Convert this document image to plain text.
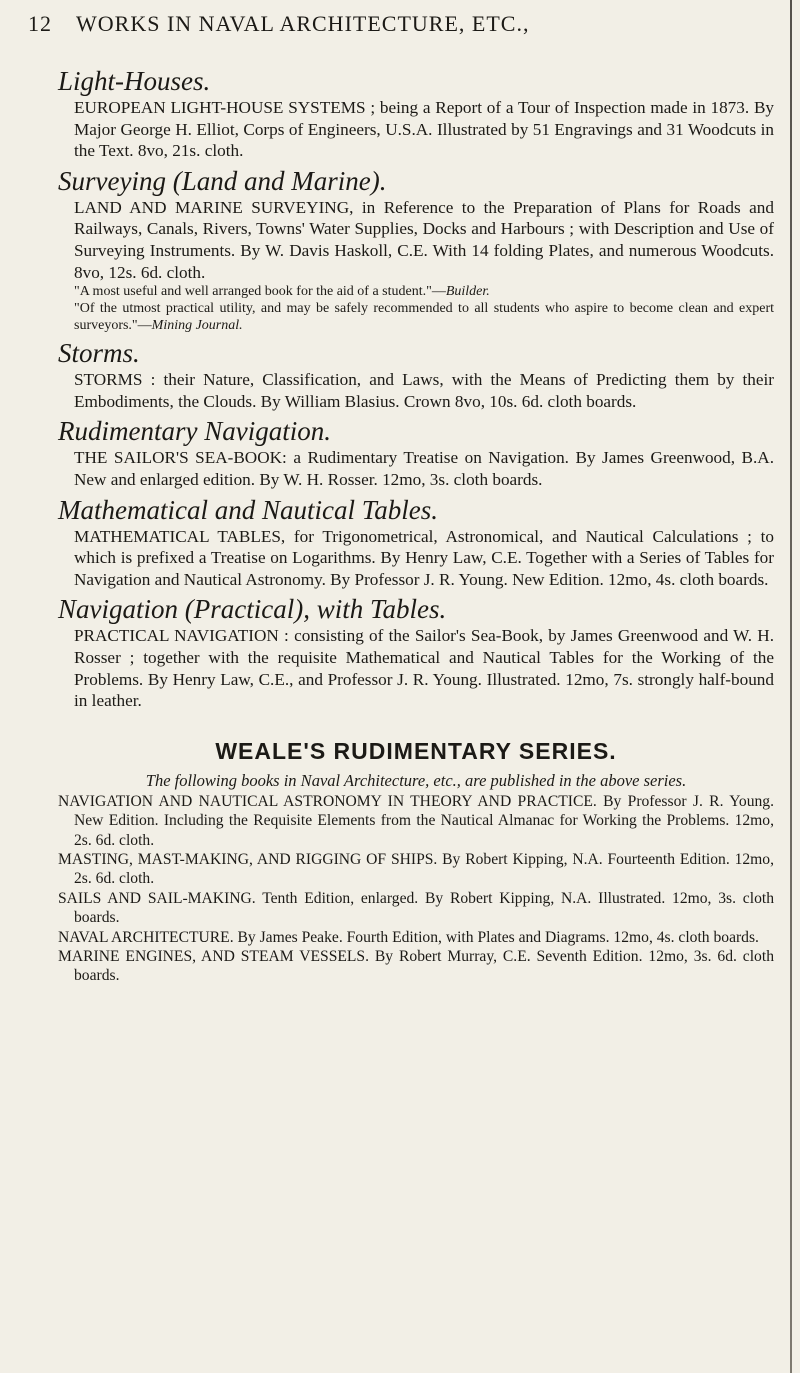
12	WORKS IN NAVAL ARCHITECTURE, ETC.,
Light-Houses.
EUROPEAN LIGHT-HOUSE SYSTEMS ; being a Report of a Tour of Inspection made in 1873. By Major George H. Elliot, Corps of Engineers, U.S.A. Illustrated by 51 Engravings and 31 Woodcuts in the Text. 8vo, 21s. cloth.
Surveying (Land and Marine).
LAND AND MARINE SURVEYING, in Reference to the Preparation of Plans for Roads and Railways, Canals, Rivers, Towns' Water Supplies, Docks and Harbours ; with Description and Use of Surveying Instruments. By W. Davis Haskoll, C.E. With 14 folding Plates, and numerous Woodcuts. 8vo, 12s. 6d. cloth.
"A most useful and well arranged book for the aid of a student."—Builder.
"Of the utmost practical utility, and may be safely recommended to all students who aspire to become clean and expert surveyors."—Mining Journal.
Storms.
STORMS : their Nature, Classification, and Laws, with the Means of Predicting them by their Embodiments, the Clouds. By William Blasius. Crown 8vo, 10s. 6d. cloth boards.
Rudimentary Navigation.
THE SAILOR'S SEA-BOOK: a Rudimentary Treatise on Navigation. By James Greenwood, B.A. New and enlarged edition. By W. H. Rosser. 12mo, 3s. cloth boards.
Mathematical and Nautical Tables.
MATHEMATICAL TABLES, for Trigonometrical, Astronomical, and Nautical Calculations ; to which is prefixed a Treatise on Logarithms. By Henry Law, C.E. Together with a Series of Tables for Navigation and Nautical Astronomy. By Professor J. R. Young. New Edition. 12mo, 4s. cloth boards.
Navigation (Practical), with Tables.
PRACTICAL NAVIGATION : consisting of the Sailor's Sea-Book, by James Greenwood and W. H. Rosser ; together with the requisite Mathematical and Nautical Tables for the Working of the Problems. By Henry Law, C.E., and Professor J. R. Young. Illustrated. 12mo, 7s. strongly half-bound in leather.
WEALE'S RUDIMENTARY SERIES.
The following books in Naval Architecture, etc., are published in the above series.
NAVIGATION AND NAUTICAL ASTRONOMY IN THEORY AND PRACTICE. By Professor J. R. Young. New Edition. Including the Requisite Elements from the Nautical Almanac for Working the Problems. 12mo, 2s. 6d. cloth.
MASTING, MAST-MAKING, AND RIGGING OF SHIPS. By Robert Kipping, N.A. Fourteenth Edition. 12mo, 2s. 6d. cloth.
SAILS AND SAIL-MAKING. Tenth Edition, enlarged. By Robert Kipping, N.A. Illustrated. 12mo, 3s. cloth boards.
NAVAL ARCHITECTURE. By James Peake. Fourth Edition, with Plates and Diagrams. 12mo, 4s. cloth boards.
MARINE ENGINES, AND STEAM VESSELS. By Robert Murray, C.E. Seventh Edition. 12mo, 3s. 6d. cloth boards.
